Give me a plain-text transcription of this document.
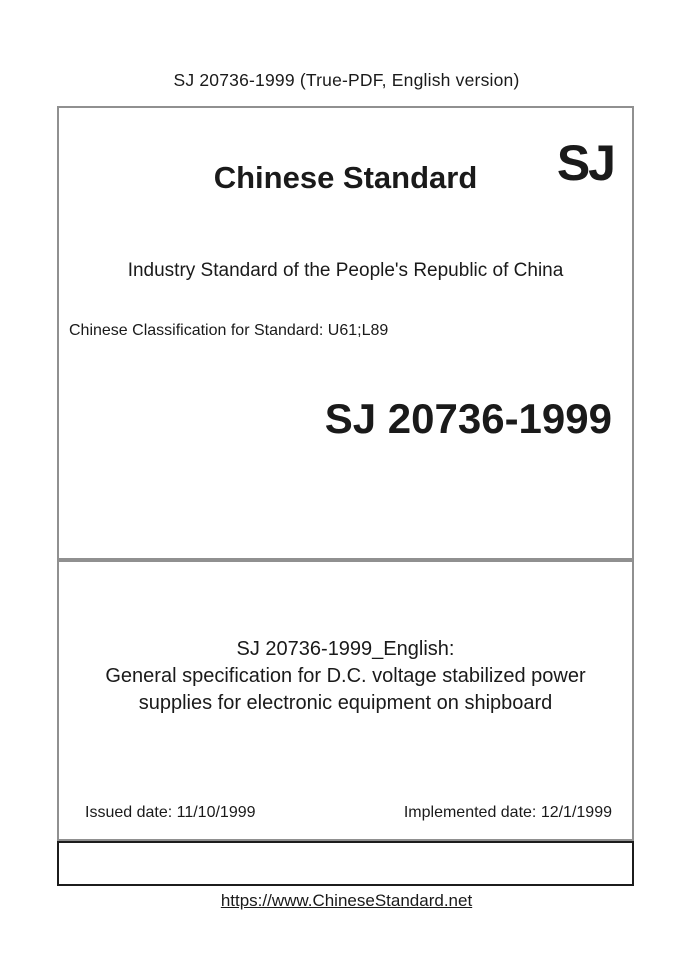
SJ 20736-1999 (True-PDF, English version)
Chinese Standard	SJ
Industry Standard of the People's Republic of China
Chinese Classification for Standard: U61;L89
SJ 20736-1999
SJ 20736-1999_English:
General specification for D.C. voltage stabilized power
supplies for electronic equipment on shipboard
Issued date: 11/10/1999	Implemented date: 12/1/1999
https://www.ChineseStandard.net
